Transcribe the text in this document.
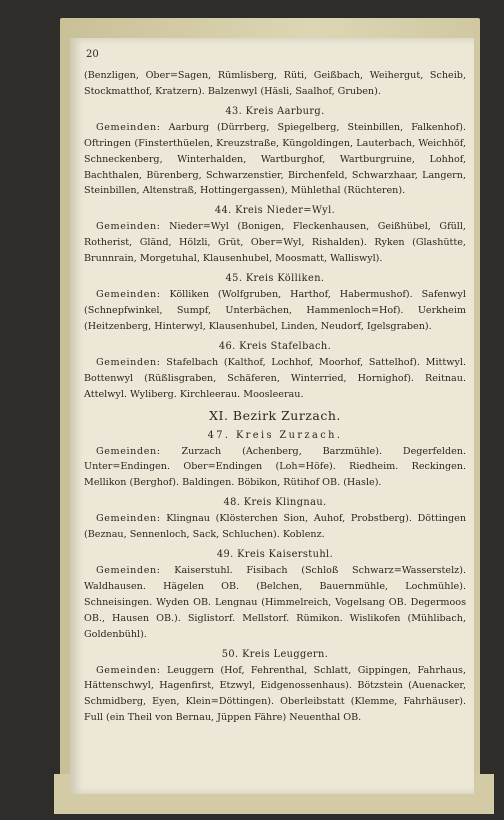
20

(Benzligen, Ober=Sagen, Rümlisberg, Rüti, Geißbach, Weihergut, Scheib, Stockmatthof, Kratzern). Balzenwyl (Häsli, Saalhof, Gruben).

43. Kreis Aarburg.

Gemeinden: Aarburg (Dürrberg, Spiegelberg, Steinbillen, Falkenhof). Oftringen (Finsterthüelen, Kreuzstraße, Küngoldingen, Lauterbach, Weichhöf, Schneckenberg, Winterhalden, Wartburghof, Wartburgruine, Lohhof, Bachthalen, Bürenberg, Schwarzenstier, Birchenfeld, Schwarzhaar, Langern, Steinbillen, Altenstraß, Hottingergassen), Mühlethal (Rüchteren).

44. Kreis Nieder=Wyl.

Gemeinden: Nieder=Wyl (Bonigen, Fleckenhausen, Geißhübel, Gfüll, Rotherist, Gländ, Hölzli, Grüt, Ober=Wyl, Rishalden). Ryken (Glashütte, Brunnrain, Morgetuhal, Klausenhubel, Moosmatt, Walliswyl).

45. Kreis Kölliken.

Gemeinden: Kölliken (Wolfgruben, Harthof, Habermushof). Safenwyl (Schnepfwinkel, Sumpf, Unterbächen, Hammenloch=Hof). Uerkheim (Heitzenberg, Hinterwyl, Klausenhubel, Linden, Neudorf, Igelsgraben).

46. Kreis Stafelbach.

Gemeinden: Stafelbach (Kalthof, Lochhof, Moorhof, Sattelhof). Mittwyl. Bottenwyl (Rüßlisgraben, Schäferen, Winterried, Hornighof). Reitnau. Attelwyl. Wyliberg. Kirchleerau. Moosleerau.

XI. Bezirk Zurzach.
47. Kreis Zurzach.

Gemeinden: Zurzach (Achenberg, Barzmühle). Degerfelden. Unter=Endingen. Ober=Endingen (Loh=Höfe). Riedheim. Reckingen. Mellikon (Berghof). Baldingen. Böbikon, Rütihof OB. (Hasle).

48. Kreis Klingnau.

Gemeinden: Klingnau (Klösterchen Sion, Auhof, Probstberg). Döttingen (Beznau, Sennenloch, Sack, Schluchen). Koblenz.

49. Kreis Kaiserstuhl.

Gemeinden: Kaiserstuhl. Fisibach (Schloß Schwarz=Wasserstelz). Waldhausen. Hägelen OB. (Belchen, Bauernmühle, Lochmühle). Schneisingen. Wyden OB. Lengnau (Himmelreich, Vogelsang OB. Degermoos OB., Hausen OB.). Siglistorf. Mellstorf. Rümikon. Wislikofen (Mühlibach, Goldenbühl).

50. Kreis Leuggern.

Gemeinden: Leuggern (Hof, Fehrenthal, Schlatt, Gippingen, Fahrhaus, Hättenschwyl, Hagenfirst, Etzwyl, Eidgenossenhaus). Bötzstein (Auenacker, Schmidberg, Eyen, Klein=Döttingen). Oberleibstatt (Klemme, Fahrhäuser). Full (ein Theil von Bernau, Jüppen Fähre) Neuenthal OB.
